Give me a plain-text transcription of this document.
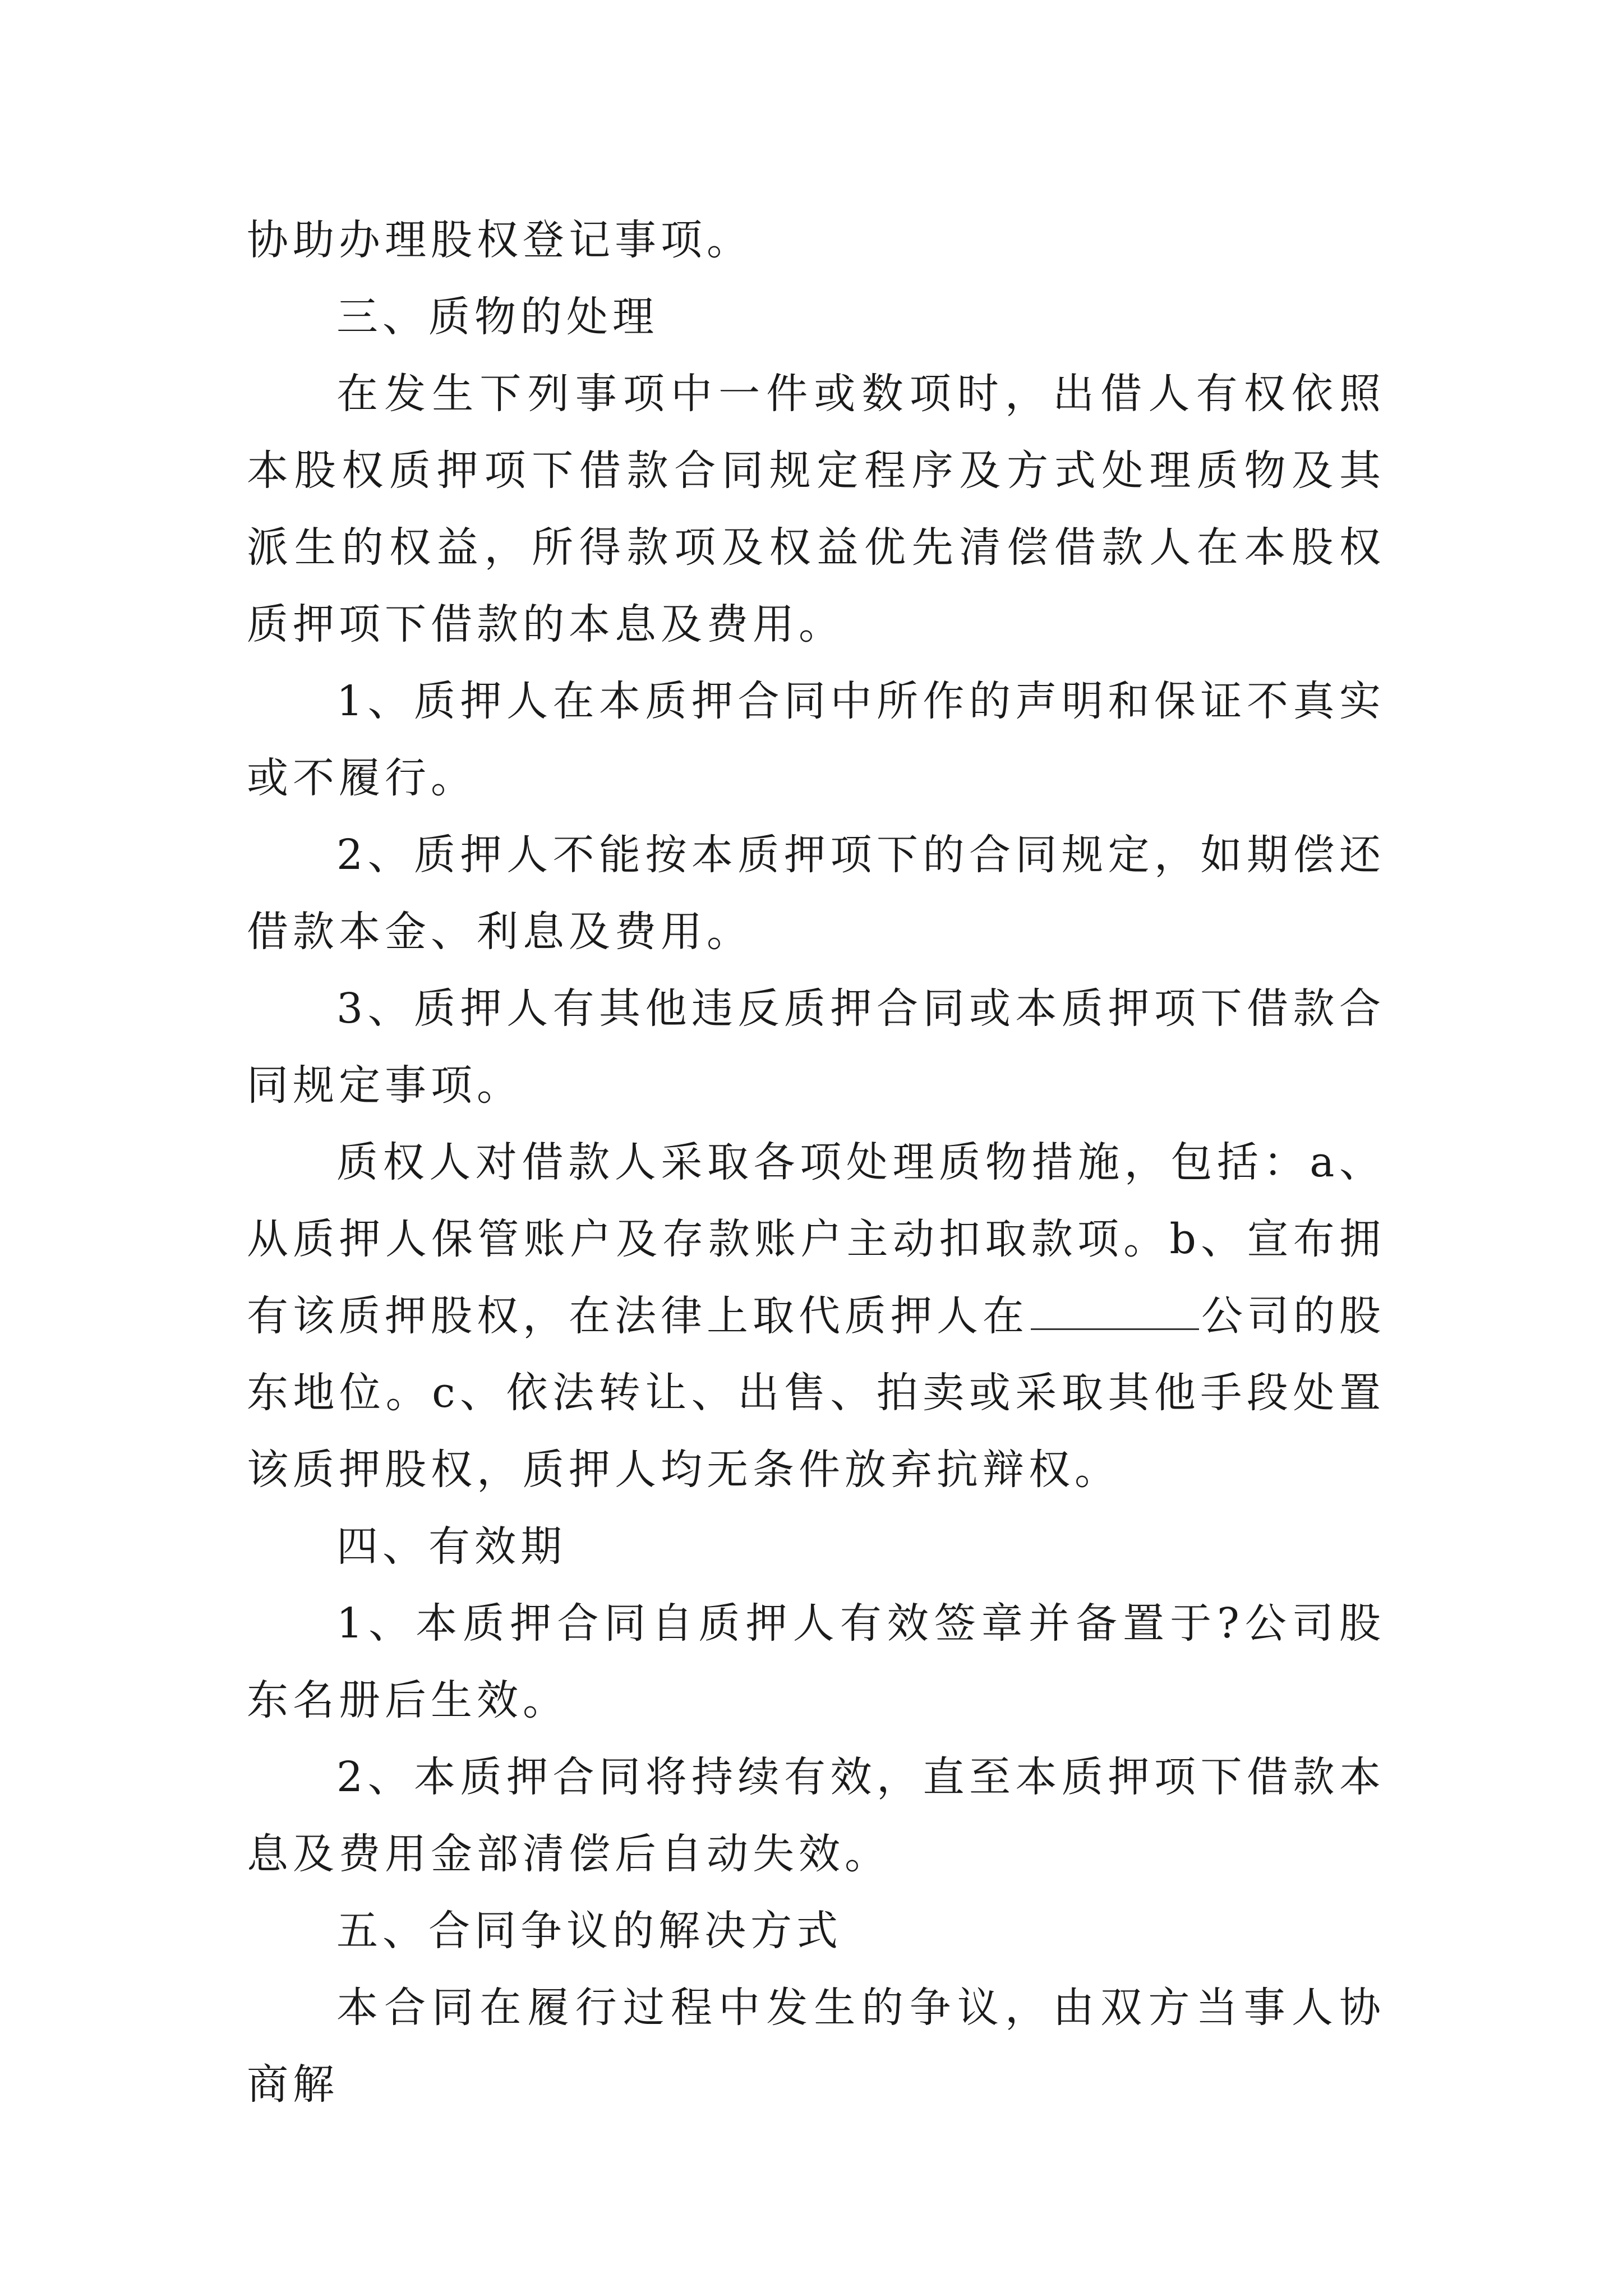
协助办理股权登记事项。

三、质物的处理

在发生下列事项中一件或数项时，出借人有权依照本股权质押项下借款合同规定程序及方式处理质物及其派生的权益，所得款项及权益优先清偿借款人在本股权质押项下借款的本息及费用。

1、质押人在本质押合同中所作的声明和保证不真实或不履行。

2、质押人不能按本质押项下的合同规定，如期偿还借款本金、利息及费用。

3、质押人有其他违反质押合同或本质押项下借款合同规定事项。

质权人对借款人采取各项处理质物措施，包括：a、从质押人保管账户及存款账户主动扣取款项。b、宣布拥有该质押股权，在法律上取代质押人在	公司的股东地位。c、依法转让、出售、拍卖或采取其他手段处置该质押股权，质押人均无条件放弃抗辩权。

四、有效期

1、本质押合同自质押人有效签章并备置于?公司股东名册后生效。

2、本质押合同将持续有效，直至本质押项下借款本息及费用金部清偿后自动失效。

五、合同争议的解决方式

本合同在履行过程中发生的争议，由双方当事人协商解
